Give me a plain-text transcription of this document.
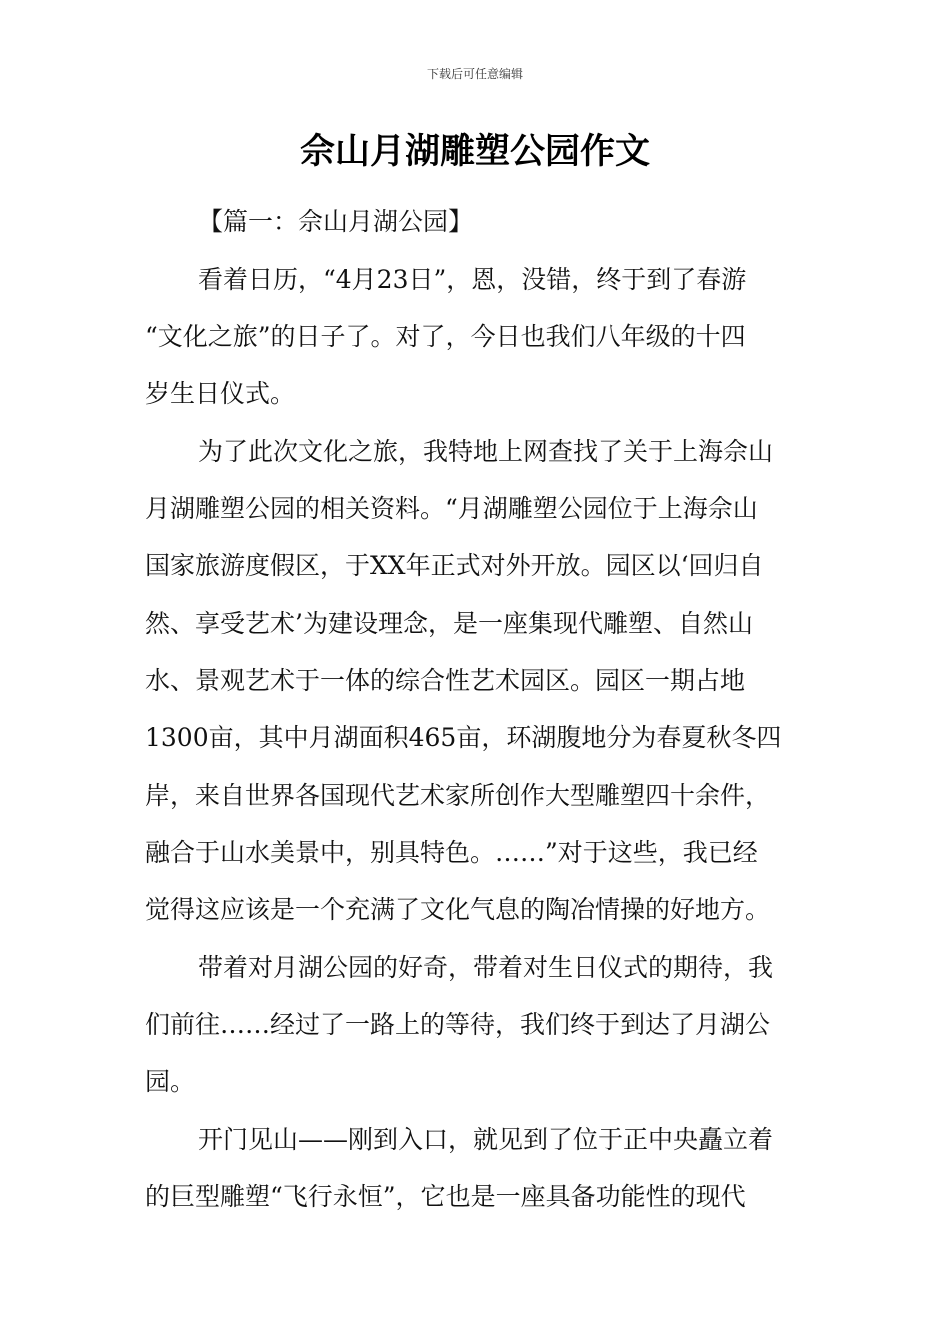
下载后可任意编辑
佘山月湖雕塑公园作文
【篇一：佘山月湖公园】
看着日历，“4月23日”，恩，没错，终于到了春游
“文化之旅”的日子了。对了，今日也我们八年级的十四
岁生日仪式。
为了此次文化之旅，我特地上网查找了关于上海佘山
月湖雕塑公园的相关资料。“月湖雕塑公园位于上海佘山
国家旅游度假区，于XX年正式对外开放。园区以‘回归自
然、享受艺术’为建设理念，是一座集现代雕塑、自然山
水、景观艺术于一体的综合性艺术园区。园区一期占地
1300亩，其中月湖面积465亩，环湖腹地分为春夏秋冬四
岸，来自世界各国现代艺术家所创作大型雕塑四十余件，
融合于山水美景中，别具特色。……”对于这些，我已经
觉得这应该是一个充满了文化气息的陶冶情操的好地方。
带着对月湖公园的好奇，带着对生日仪式的期待，我
们前往……经过了一路上的等待，我们终于到达了月湖公
园。
开门见山——刚到入口，就见到了位于正中央矗立着
的巨型雕塑“飞行永恒”，它也是一座具备功能性的现代
